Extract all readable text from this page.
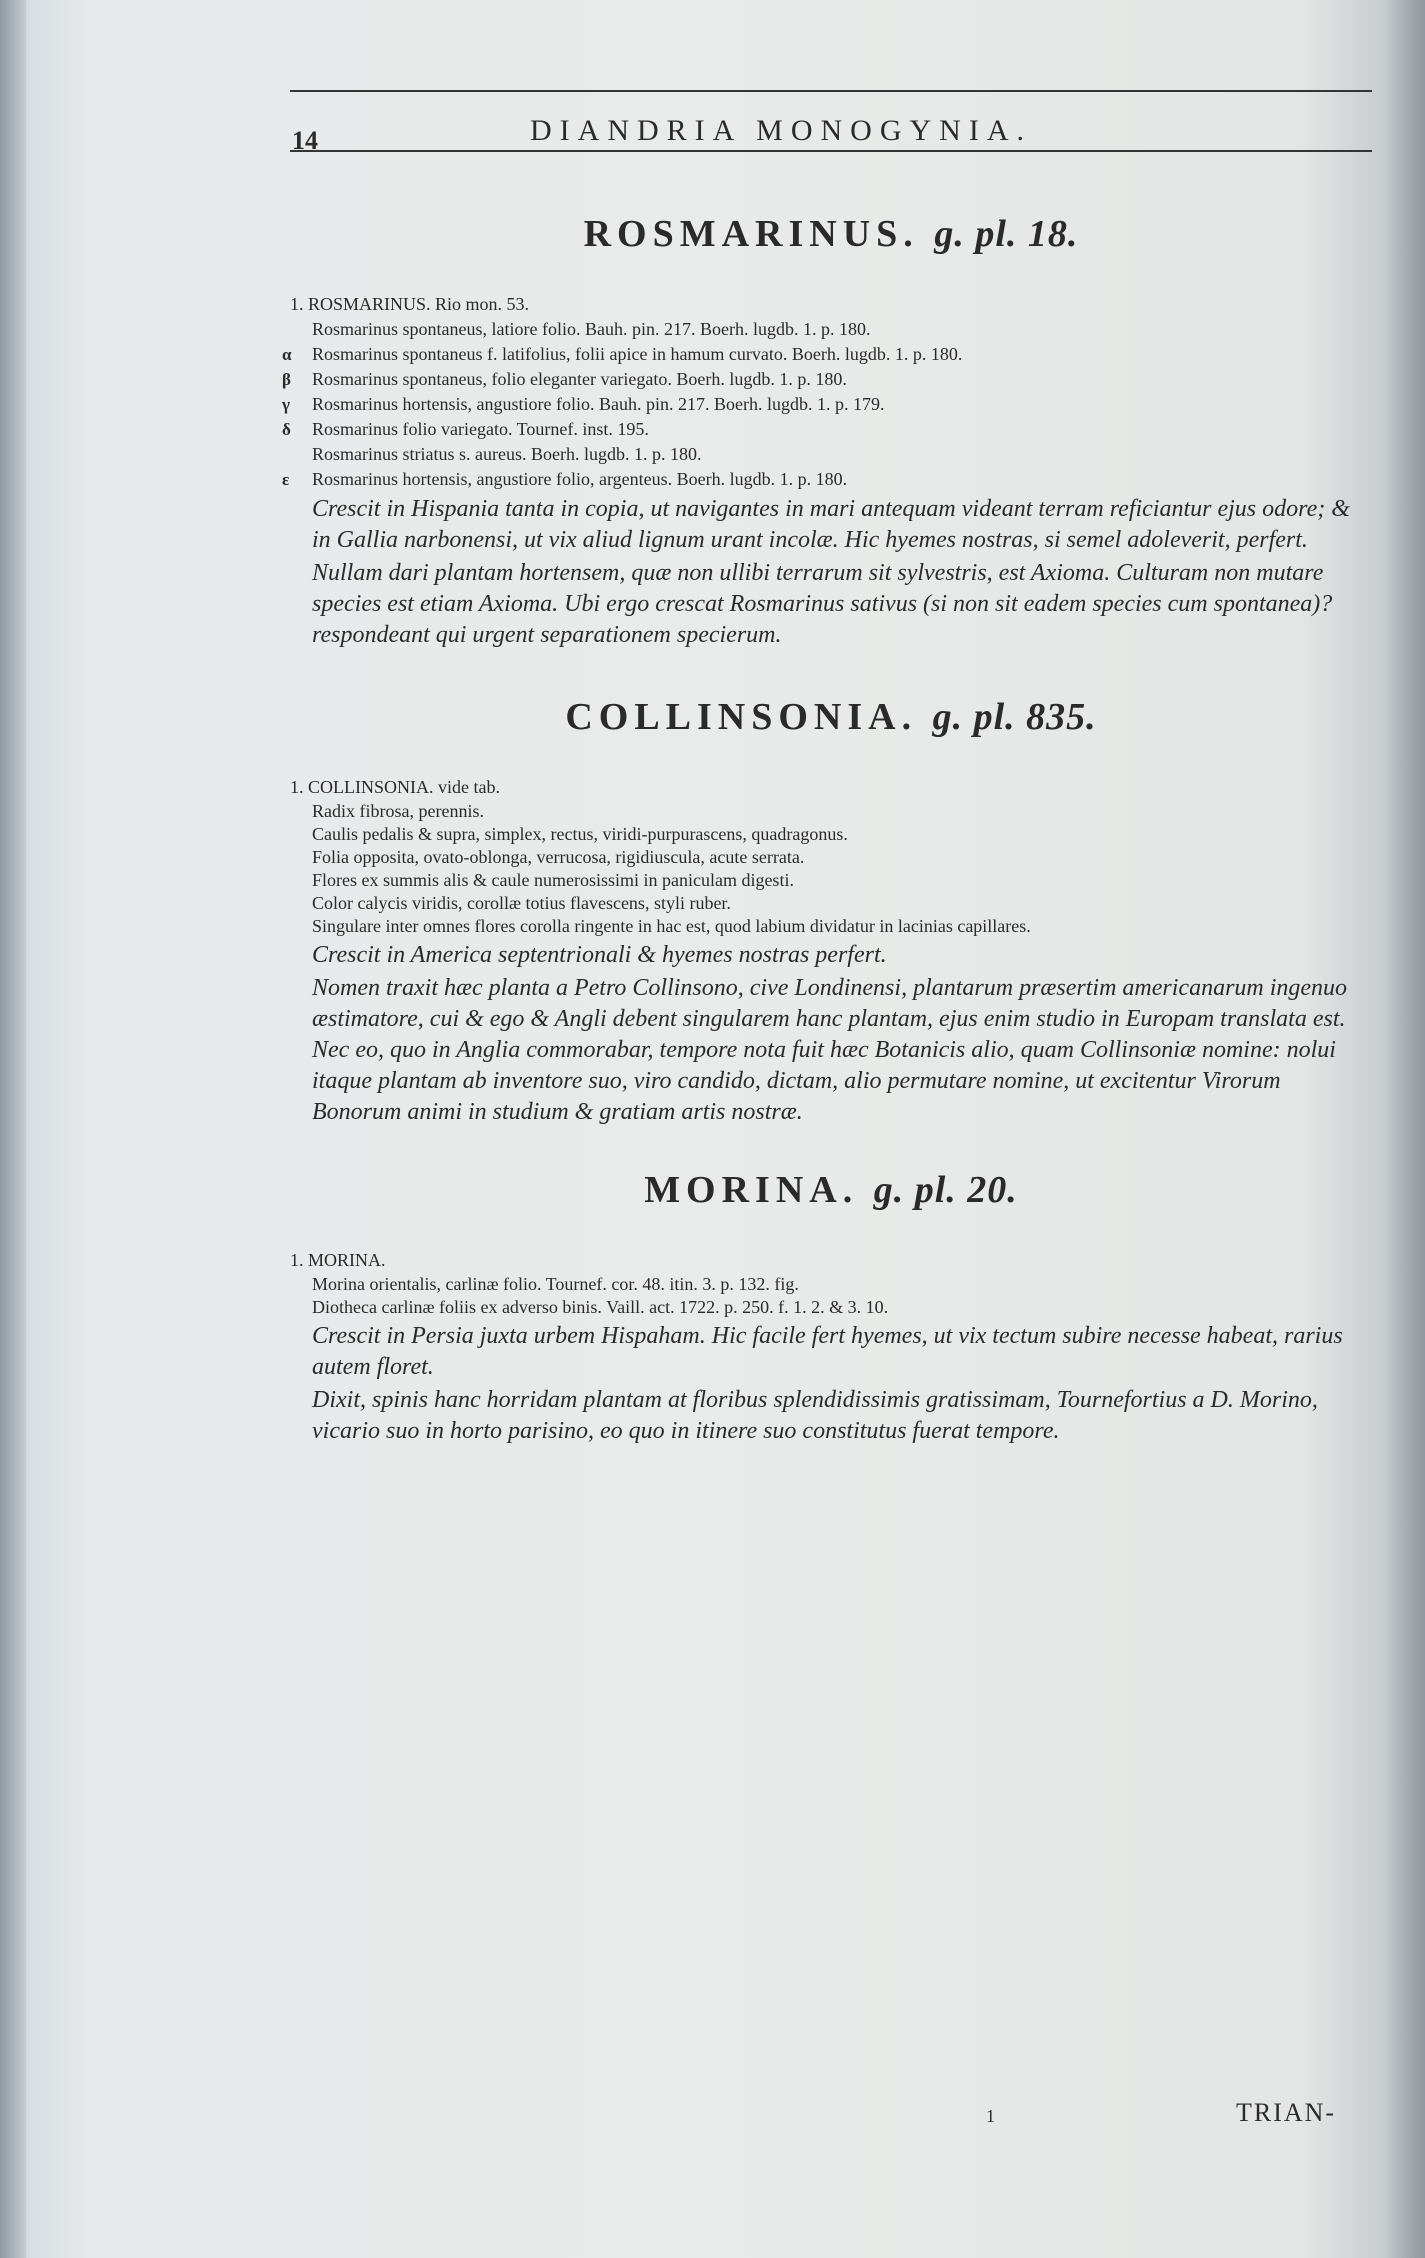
14	DIANDRIA MONOGYNIA.
ROSMARINUS. g. pl. 18.

1. ROSMARINUS. Rio mon. 53.

Rosmarinus spontaneus, latiore folio. Bauh. pin. 217. Boerh. lugdb. 1. p. 180.

α Rosmarinus spontaneus f. latifolius, folii apice in hamum curvato. Boerh. lugdb. 1. p. 180.

β Rosmarinus spontaneus, folio eleganter variegato. Boerh. lugdb. 1. p. 180.

γ Rosmarinus hortensis, angustiore folio. Bauh. pin. 217. Boerh. lugdb. 1. p. 179.

δ Rosmarinus folio variegato. Tournef. inst. 195.

Rosmarinus striatus s. aureus. Boerh. lugdb. 1. p. 180.

ε Rosmarinus hortensis, angustiore folio, argenteus. Boerh. lugdb. 1. p. 180.

Crescit in Hispania tanta in copia, ut navigantes in mari antequam videant terram reficiantur ejus odore; & in Gallia narbonensi, ut vix aliud lignum urant incolæ. Hic hyemes nostras, si semel adoleverit, perfert.

Nullam dari plantam hortensem, quæ non ullibi terrarum sit sylvestris, est Axioma. Culturam non mutare species est etiam Axioma. Ubi ergo crescat Rosmarinus sativus (si non sit eadem species cum spontanea)? respondeant qui urgent separationem specierum.

COLLINSONIA. g. pl. 835.

1. COLLINSONIA. vide tab.

Radix fibrosa, perennis.

Caulis pedalis & supra, simplex, rectus, viridi-purpurascens, quadragonus.

Folia opposita, ovato-oblonga, verrucosa, rigidiuscula, acute serrata.

Flores ex summis alis & caule numerosissimi in paniculam digesti.

Color calycis viridis, corollæ totius flavescens, styli ruber.

Singulare inter omnes flores corolla ringente in hac est, quod labium dividatur in lacinias capillares.

Crescit in America septentrionali & hyemes nostras perfert.

Nomen traxit hæc planta a Petro Collinsono, cive Londinensi, plantarum præsertim americanarum ingenuo æstimatore, cui & ego & Angli debent singularem hanc plantam, ejus enim studio in Europam translata est. Nec eo, quo in Anglia commorabar, tempore nota fuit hæc Botanicis alio, quam Collinsoniæ nomine: nolui itaque plantam ab inventore suo, viro candido, dictam, alio permutare nomine, ut excitentur Virorum Bonorum animi in studium & gratiam artis nostræ.

MORINA. g. pl. 20.

1. MORINA.

Morina orientalis, carlinæ folio. Tournef. cor. 48. itin. 3. p. 132. fig.

Diotheca carlinæ foliis ex adverso binis. Vaill. act. 1722. p. 250. f. 1. 2. & 3. 10.

Crescit in Persia juxta urbem Hispaham. Hic facile fert hyemes, ut vix tectum subire necesse habeat, rarius autem floret.

Dixit, spinis hanc horridam plantam at floribus splendidissimis gratissimam, Tournefortius a D. Morino, vicario suo in horto parisino, eo quo in itinere suo constitutus fuerat tempore.

1	TRIAN-
